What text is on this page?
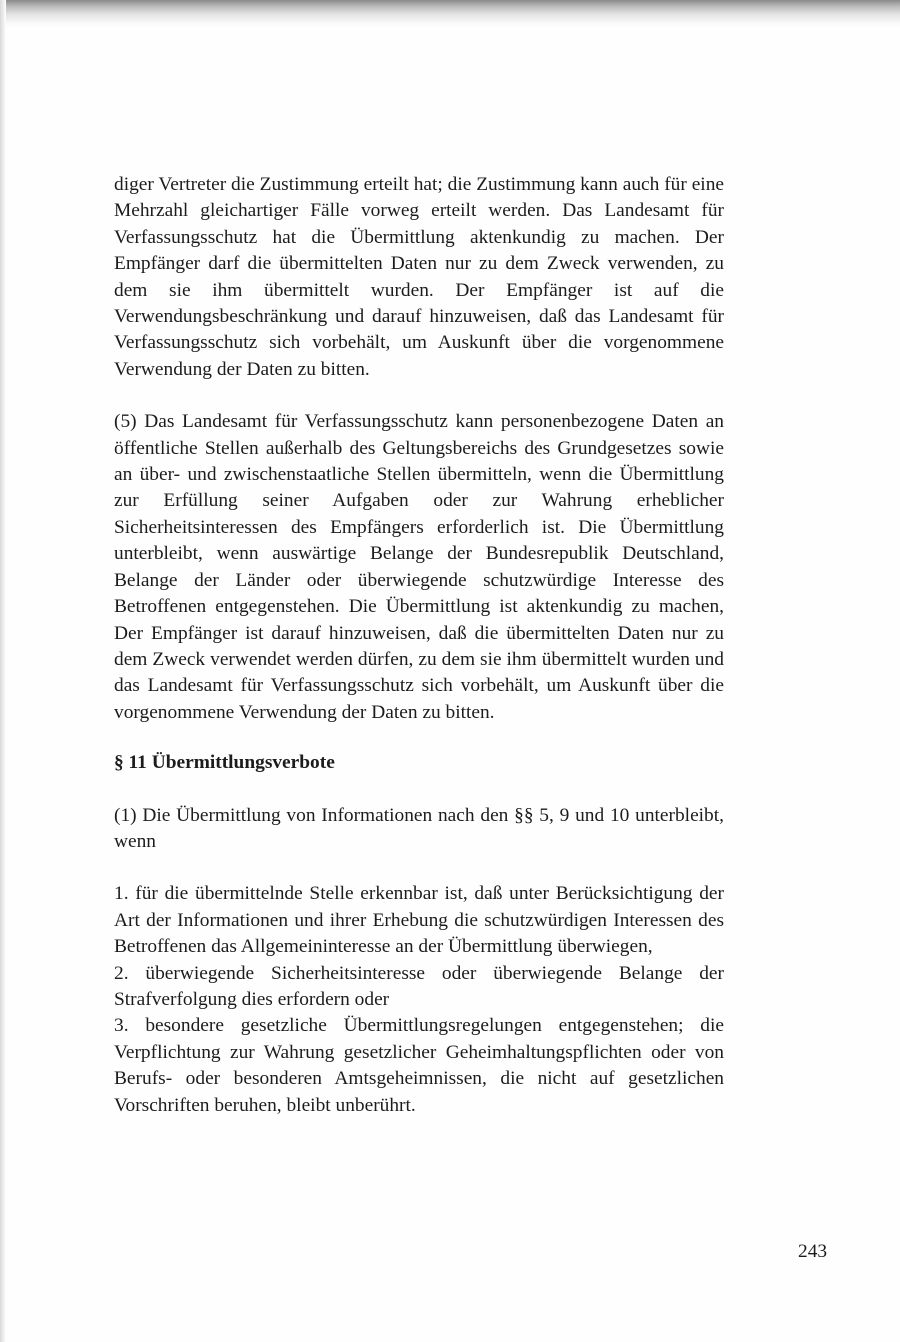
diger Vertreter die Zustimmung erteilt hat; die Zustimmung kann auch für eine Mehrzahl gleichartiger Fälle vorweg erteilt werden. Das Landesamt für Verfassungsschutz hat die Übermittlung aktenkundig zu machen. Der Empfänger darf die übermittelten Daten nur zu dem Zweck verwenden, zu dem sie ihm übermittelt wurden. Der Empfänger ist auf die Verwendungsbeschränkung und darauf hinzuweisen, daß das Landesamt für Verfassungsschutz sich vorbehält, um Auskunft über die vorgenommene Verwendung der Daten zu bitten.

(5) Das Landesamt für Verfassungsschutz kann personenbezogene Daten an öffentliche Stellen außerhalb des Geltungsbereichs des Grundgesetzes sowie an über- und zwischenstaatliche Stellen übermitteln, wenn die Übermittlung zur Erfüllung seiner Aufgaben oder zur Wahrung erheblicher Sicherheitsinteressen des Empfängers erforderlich ist. Die Übermittlung unterbleibt, wenn auswärtige Belange der Bundesrepublik Deutschland, Belange der Länder oder überwiegende schutzwürdige Interesse des Betroffenen entgegenstehen. Die Übermittlung ist aktenkundig zu machen, Der Empfänger ist darauf hinzuweisen, daß die übermittelten Daten nur zu dem Zweck verwendet werden dürfen, zu dem sie ihm übermittelt wurden und das Landesamt für Verfassungsschutz sich vorbehält, um Auskunft über die vorgenommene Verwendung der Daten zu bitten.

§ 11 Übermittlungsverbote

(1) Die Übermittlung von Informationen nach den §§ 5, 9 und 10 unterbleibt, wenn

1. für die übermittelnde Stelle erkennbar ist, daß unter Berücksichtigung der Art der Informationen und ihrer Erhebung die schutzwürdigen Interessen des Betroffenen das Allgemeininteresse an der Übermittlung überwiegen,

2. überwiegende Sicherheitsinteresse oder überwiegende Belange der Strafverfolgung dies erfordern oder

3. besondere gesetzliche Übermittlungsregelungen entgegenstehen; die Verpflichtung zur Wahrung gesetzlicher Geheimhaltungspflichten oder von Berufs- oder besonderen Amtsgeheimnissen, die nicht auf gesetzlichen Vorschriften beruhen, bleibt unberührt.

243
